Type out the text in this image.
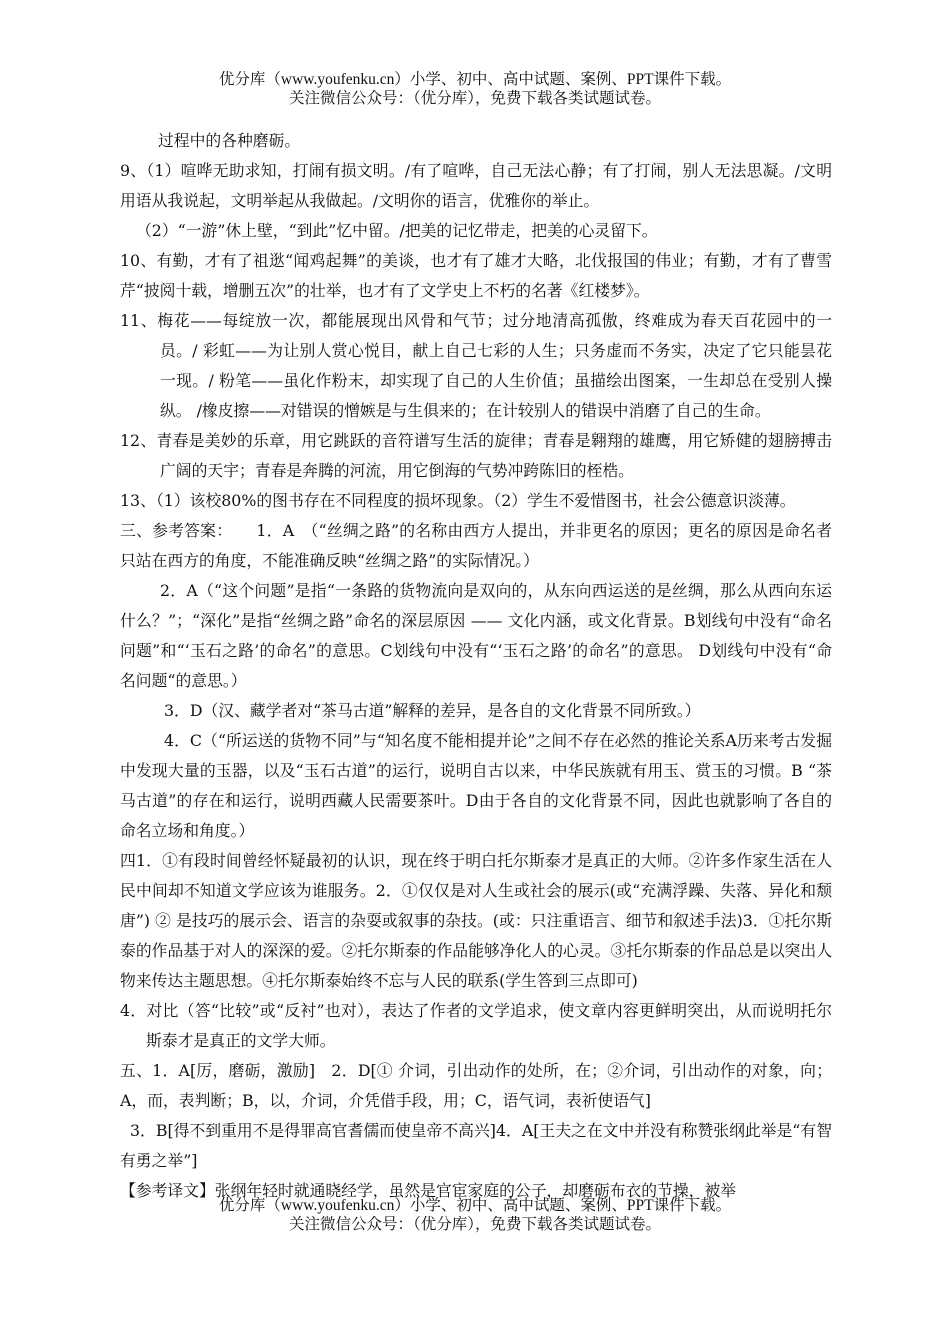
优分库（www.youfenku.cn）小学、初中、高中试题、案例、PPT课件下载。
关注微信公众号：（优分库），免费下载各类试题试卷。

过程中的各种磨砺。

9、（1）喧哗无助求知，打闹有损文明。/有了喧哗，自己无法心静；有了打闹，别人无法思凝。/文明用语从我说起，文明举起从我做起。/文明你的语言，优雅你的举止。

（2）“一游”休上壁，“到此”忆中留。/把美的记忆带走，把美的心灵留下。

10、有勤，才有了祖逖“闻鸡起舞”的美谈，也才有了雄才大略，北伐报国的伟业；有勤，才有了曹雪芹“披阅十载，增删五次”的壮举，也才有了文学史上不朽的名著《红楼梦》。

11、梅花——每绽放一次，都能展现出风骨和气节；过分地清高孤傲，终难成为春天百花园中的一员。/ 彩虹——为让别人赏心悦目，献上自己七彩的人生；只务虚而不务实，决定了它只能昙花一现。/ 粉笔——虽化作粉末，却实现了自己的人生价值；虽描绘出图案，一生却总在受别人操纵。 /橡皮擦——对错误的憎嫉是与生俱来的；在计较别人的错误中消磨了自己的生命。

12、青春是美妙的乐章，用它跳跃的音符谱写生活的旋律；青春是翱翔的雄鹰，用它矫健的翅膀搏击广阔的天宇；青春是奔腾的河流，用它倒海的气势冲跨陈旧的桎梏。

13、（1）该校80%的图书存在不同程度的损坏现象。（2）学生不爱惜图书，社会公德意识淡薄。

三、参考答案：　　1．A　（“丝绸之路”的名称由西方人提出，并非更名的原因；更名的原因是命名者只站在西方的角度，不能准确反映“丝绸之路”的实际情况。）

2．A（“这个问题”是指“一条路的货物流向是双向的，从东向西运送的是丝绸，那么从西向东运什么？”；“深化”是指“丝绸之路”命名的深层原因 —— 文化内涵，或文化背景。B划线句中没有“命名问题”和“‘玉石之路’的命名”的意思。C划线句中没有“‘玉石之路’的命名”的意思。 D划线句中没有“命名问题“的意思。）

3．D（汉、藏学者对“茶马古道”解释的差异，是各自的文化背景不同所致。）

4．C（“所运送的货物不同”与“知名度不能相提并论”之间不存在必然的推论关系A历来考古发掘中发现大量的玉器，以及“玉石古道”的运行，说明自古以来，中华民族就有用玉、赏玉的习惯。B “茶马古道”的存在和运行，说明西藏人民需要茶叶。D由于各自的文化背景不同，因此也就影响了各自的命名立场和角度。）

四1．①有段时间曾经怀疑最初的认识，现在终于明白托尔斯泰才是真正的大师。②许多作家生活在人民中间却不知道文学应该为谁服务。2．①仅仅是对人生或社会的展示(或“充满浮躁、失落、异化和颓唐”) ② 是技巧的展示会、语言的杂耍或叙事的杂技。(或：只注重语言、细节和叙述手法)3．①托尔斯泰的作品基于对人的深深的爱。②托尔斯泰的作品能够净化人的心灵。③托尔斯泰的作品总是以突出人物来传达主题思想。④托尔斯泰始终不忘与人民的联系(学生答到三点即可)

4．对比（答“比较”或“反衬”也对），表达了作者的文学追求，使文章内容更鲜明突出，从而说明托尔斯泰才是真正的文学大师。

五、1．A[厉，磨砺，激励]　2．D[① 介词，引出动作的处所，在；②介词，引出动作的对象，向；A，而，表判断；B，以，介词，介凭借手段，用；C，语气词，表祈使语气]

3．B[得不到重用不是得罪高官耆儒而使皇帝不高兴]4．A[王夫之在文中并没有称赞张纲此举是“有智有勇之举”]

【参考译文】张纲年轻时就通晓经学，虽然是官宦家庭的公子，却磨砺布衣的节操，被举

优分库（www.youfenku.cn）小学、初中、高中试题、案例、PPT课件下载。
关注微信公众号：（优分库），免费下载各类试题试卷。
